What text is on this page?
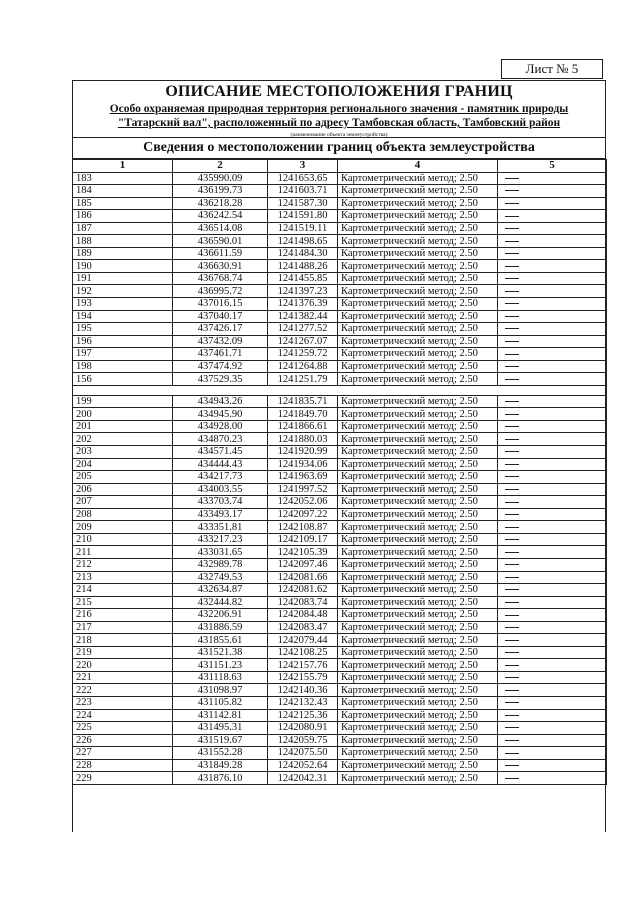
Лист № 5
ОПИСАНИЕ МЕСТОПОЛОЖЕНИЯ ГРАНИЦ
Особо охраняемая природная территория регионального значения - памятник природы
"Татарский вал", расположенный по адресу Тамбовская область, Тамбовский район
(наименование объекта землеустройства)
Сведения о местоположении границ объекта землеустройства
1	2	3	4	5
183	435990.09	1241653.65	Картометрический метод; 2.50	
184	436199.73	1241603.71	Картометрический метод; 2.50	
185	436218.28	1241587.30	Картометрический метод; 2.50	
186	436242.54	1241591.80	Картометрический метод; 2.50	
187	436514.08	1241519.11	Картометрический метод; 2.50	
188	436590.01	1241498.65	Картометрический метод; 2.50	
189	436611.59	1241484.30	Картометрический метод; 2.50	
190	436630.91	1241488.26	Картометрический метод; 2.50	
191	436768.74	1241455.85	Картометрический метод; 2.50	
192	436995.72	1241397.23	Картометрический метод; 2.50	
193	437016.15	1241376.39	Картометрический метод; 2.50	
194	437040.17	1241382.44	Картометрический метод; 2.50	
195	437426.17	1241277.52	Картометрический метод; 2.50	
196	437432.09	1241267.07	Картометрический метод; 2.50	
197	437461.71	1241259.72	Картометрический метод; 2.50	
198	437474.92	1241264.88	Картометрический метод; 2.50	
156	437529.35	1241251.79	Картометрический метод; 2.50	

199	434943.26	1241835.71	Картометрический метод; 2.50	
200	434945.90	1241849.70	Картометрический метод; 2.50	
201	434928.00	1241866.61	Картометрический метод; 2.50	
202	434870.23	1241880.03	Картометрический метод; 2.50	
203	434571.45	1241920.99	Картометрический метод; 2.50	
204	434444.43	1241934.06	Картометрический метод; 2.50	
205	434217.73	1241963.69	Картометрический метод; 2.50	
206	434003.55	1241997.52	Картометрический метод; 2.50	
207	433703.74	1242052.06	Картометрический метод; 2.50	
208	433493.17	1242097.22	Картометрический метод; 2.50	
209	433351.81	1242108.87	Картометрический метод; 2.50	
210	433217.23	1242109.17	Картометрический метод; 2.50	
211	433031.65	1242105.39	Картометрический метод; 2.50	
212	432989.78	1242097.46	Картометрический метод; 2.50	
213	432749.53	1242081.66	Картометрический метод; 2.50	
214	432634.87	1242081.62	Картометрический метод; 2.50	
215	432444.82	1242083.74	Картометрический метод; 2.50	
216	432206.91	1242084.48	Картометрический метод; 2.50	
217	431886.59	1242083.47	Картометрический метод; 2.50	
218	431855.61	1242079.44	Картометрический метод; 2.50	
219	431521.38	1242108.25	Картометрический метод; 2.50	
220	431151.23	1242157.76	Картометрический метод; 2.50	
221	431118.63	1242155.79	Картометрический метод; 2.50	
222	431098.97	1242140.36	Картометрический метод; 2.50	
223	431105.82	1242132.43	Картометрический метод; 2.50	
224	431142.81	1242125.36	Картометрический метод; 2.50	
225	431495.31	1242080.91	Картометрический метод; 2.50	
226	431519.67	1242059.75	Картометрический метод; 2.50	
227	431552.28	1242075.50	Картометрический метод; 2.50	
228	431849.28	1242052.64	Картометрический метод; 2.50	
229	431876.10	1242042.31	Картометрический метод; 2.50	
